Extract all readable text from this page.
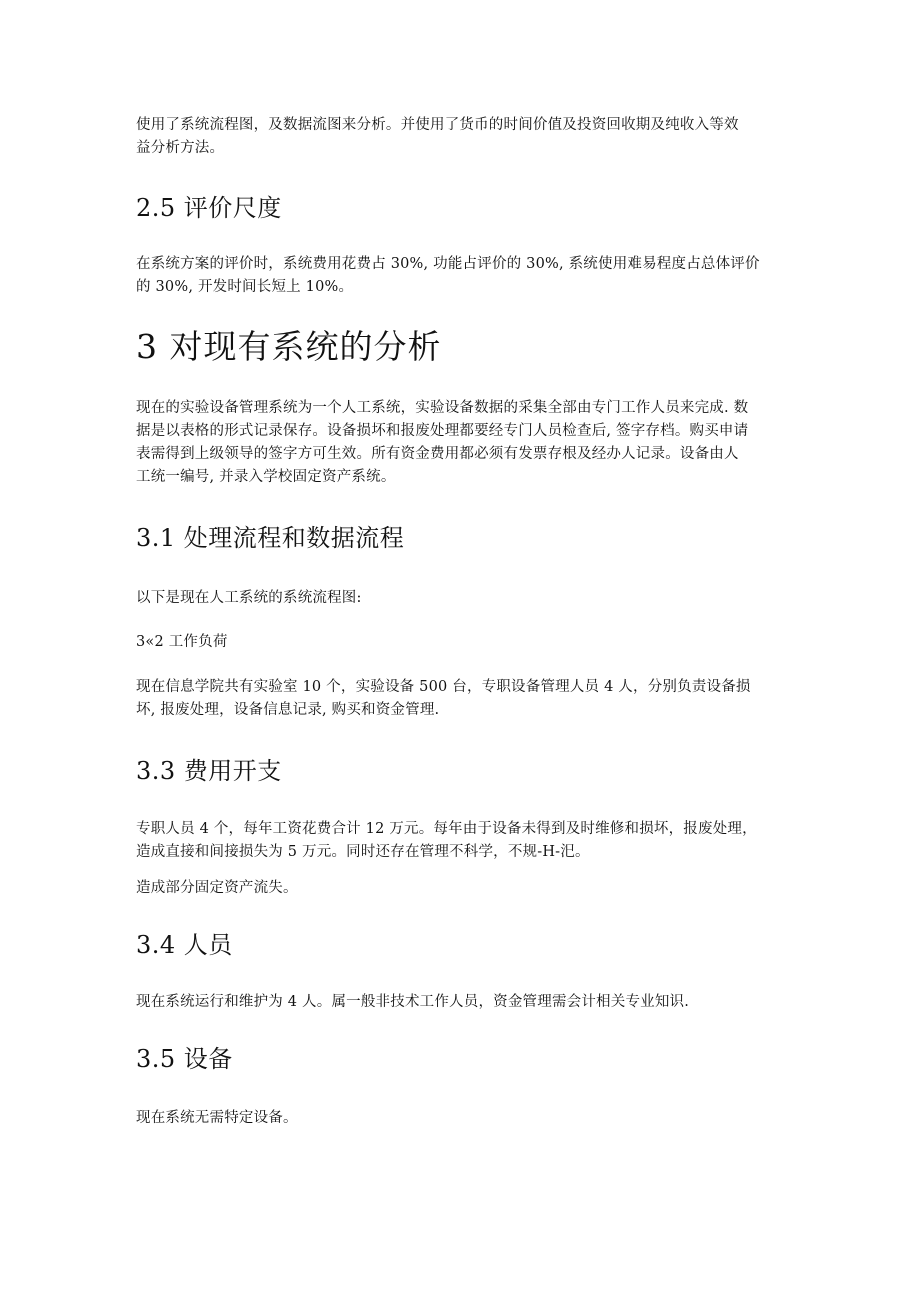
使用了系统流程图，及数据流图来分析。并使用了货币的时间价值及投资回收期及纯收入等效
益分析方法。

2.5 评价尺度

在系统方案的评价时，系统费用花费占 30%, 功能占评价的 30%, 系统使用难易程度占总体评价
的 30%, 开发时间长短上 10%。

3 对现有系统的分析

现在的实验设备管理系统为一个人工系统，实验设备数据的采集全部由专门工作人员来完成. 数
据是以表格的形式记录保存。设备损坏和报废处理都要经专门人员检查后, 签字存档。购买申请
表需得到上级领导的签字方可生效。所有资金费用都必须有发票存根及经办人记录。设备由人
工统一编号, 并录入学校固定资产系统。

3.1 处理流程和数据流程

以下是现在人工系统的系统流程图:

3«2 工作负荷

现在信息学院共有实验室 10 个，实验设备 500 台，专职设备管理人员 4 人，分别负责设备损
坏, 报废处理，设备信息记录, 购买和资金管理.

3.3 费用开支

专职人员 4 个，每年工资花费合计 12 万元。每年由于设备未得到及时维修和损坏，报废处理，
造成直接和间接损失为 5 万元。同时还存在管理不科学，不规-H-汜。

造成部分固定资产流失。

3.4 人员

现在系统运行和维护为 4 人。属一般非技术工作人员，资金管理需会计相关专业知识.

3.5 设备

现在系统无需特定设备。
